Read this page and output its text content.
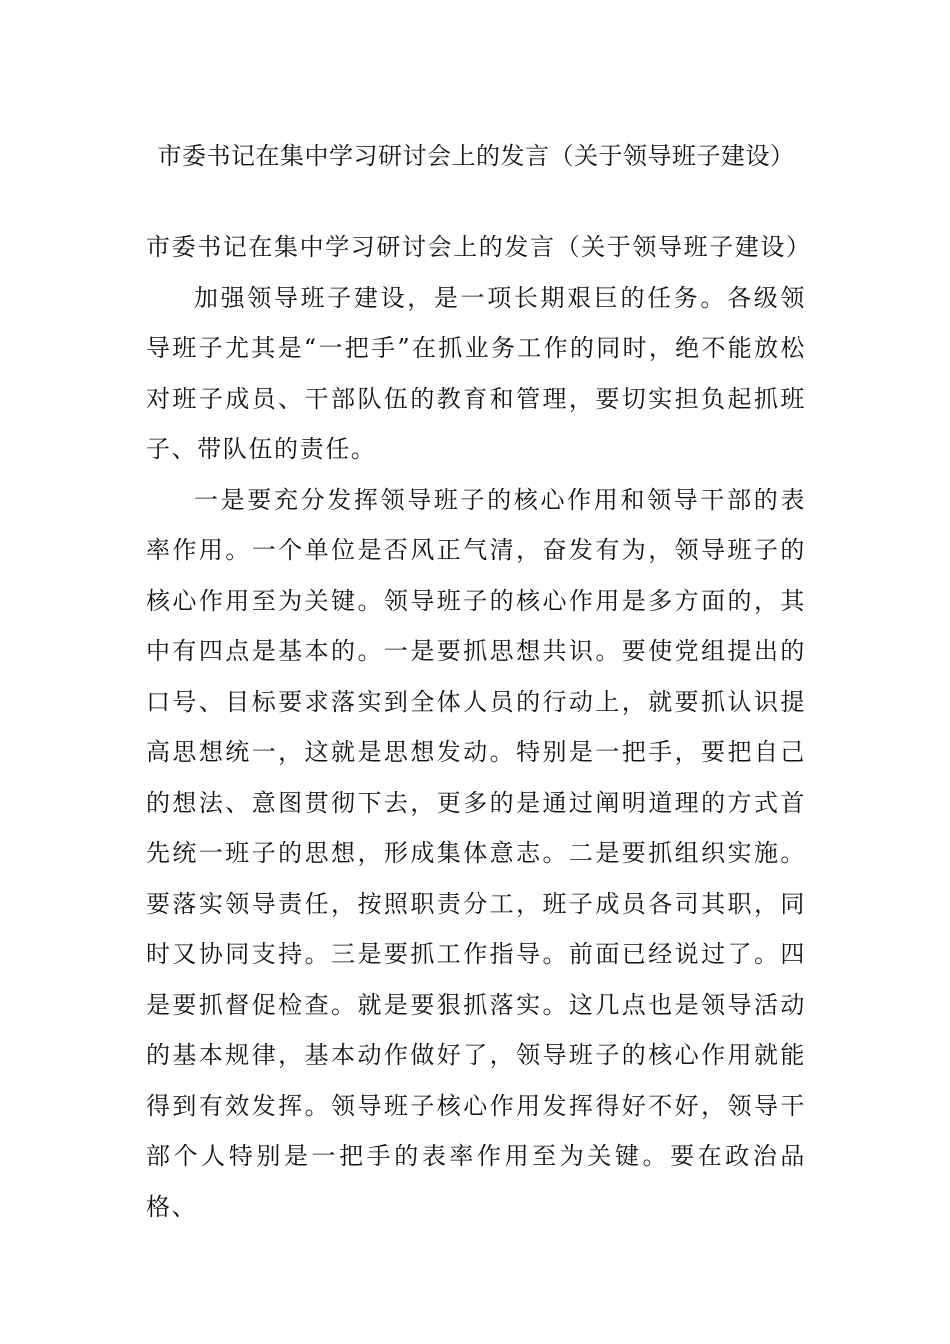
市委书记在集中学习研讨会上的发言（关于领导班子建设）

市委书记在集中学习研讨会上的发言（关于领导班子建设）

加强领导班子建设，是一项长期艰巨的任务。各级领导班子尤其是“一把手”在抓业务工作的同时，绝不能放松对班子成员、干部队伍的教育和管理，要切实担负起抓班子、带队伍的责任。

一是要充分发挥领导班子的核心作用和领导干部的表率作用。一个单位是否风正气清，奋发有为，领导班子的核心作用至为关键。领导班子的核心作用是多方面的，其中有四点是基本的。一是要抓思想共识。要使党组提出的口号、目标要求落实到全体人员的行动上，就要抓认识提高思想统一，这就是思想发动。特别是一把手，要把自己的想法、意图贯彻下去，更多的是通过阐明道理的方式首先统一班子的思想，形成集体意志。二是要抓组织实施。要落实领导责任，按照职责分工，班子成员各司其职，同时又协同支持。三是要抓工作指导。前面已经说过了。四是要抓督促检查。就是要狠抓落实。这几点也是领导活动的基本规律，基本动作做好了，领导班子的核心作用就能得到有效发挥。领导班子核心作用发挥得好不好，领导干部个人特别是一把手的表率作用至为关键。要在政治品格、
